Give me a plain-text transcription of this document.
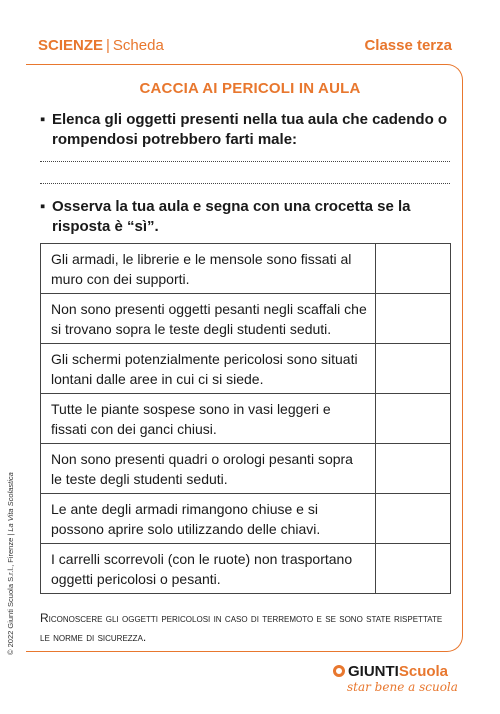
SCIENZE | Scheda	Classe terza
CACCIA AI PERICOLI IN AULA
▪ Elenca gli oggetti presenti nella tua aula che cadendo o rompendosi potrebbero farti male:
▪ Osserva la tua aula e segna con una crocetta se la risposta è “sì”.
Gli armadi, le librerie e le mensole sono fissati al muro con dei supporti.	
Non sono presenti oggetti pesanti negli scaffali che si trovano sopra le teste degli studenti seduti.	
Gli schermi potenzialmente pericolosi sono situati lontani dalle aree in cui ci si siede.	
Tutte le piante sospese sono in vasi leggeri e fissati con dei ganci chiusi.	
Non sono presenti quadri o orologi pesanti sopra le teste degli studenti seduti.	
Le ante degli armadi rimangono chiuse e si possono aprire solo utilizzando delle chiavi.	
I carrelli scorrevoli (con le ruote) non trasportano oggetti pericolosi o pesanti.	
Riconoscere gli oggetti pericolosi in caso di terremoto e se sono state rispettate le norme di sicurezza.
© 2022 Giunti Scuola S.r.l., Firenze | La Vita Scolastica
GIUNTIScuola
star bene a scuola
